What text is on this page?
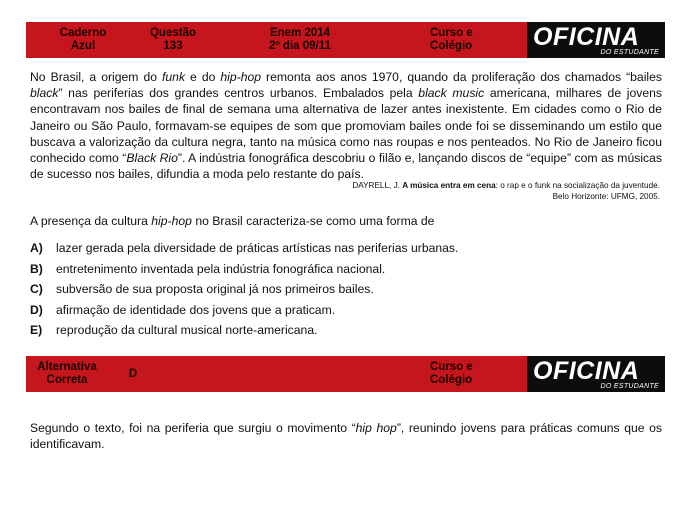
Caderno
Azul
Questão
133
Enem 2014
2º dia 09/11
Curso e
Colégio	OFICINA
DO ESTUDANTE

No Brasil, a origem do funk e do hip-hop remonta aos anos 1970, quando da proliferação dos chamados “bailes black” nas periferias dos grandes centros urbanos. Embalados pela black music americana, milhares de jovens encontravam nos bailes de final de semana uma alternativa de lazer antes inexistente. Em cidades como o Rio de Janeiro ou São Paulo, formavam-se equipes de som que promoviam bailes onde foi se disseminando um estilo que buscava a valorização da cultura negra, tanto na música como nas roupas e nos penteados. No Rio de Janeiro ficou conhecido como “Black Rio”. A indústria fonográfica descobriu o filão e, lançando discos de “equipe” com as músicas de sucesso nos bailes, difundia a moda pelo restante do país.

DAYRELL, J. A música entra em cena: o rap e o funk na socialização da juventude.
Belo Horizonte: UFMG, 2005.
A presença da cultura hip-hop no Brasil caracteriza-se como uma forma de
A)	lazer gerada pela diversidade de práticas artísticas nas periferias urbanas.
B)	entretenimento inventada pela indústria fonográfica nacional.
C)	subversão de sua proposta original já nos primeiros bailes.
D)	afirmação de identidade dos jovens que a praticam.
E)	reprodução da cultural musical norte-americana.
Alternativa
Correta	D
Curso e
Colégio	OFICINA
DO ESTUDANTE

Segundo o texto, foi na periferia que surgiu o movimento “hip hop”, reunindo jovens para práticas comuns que os identificavam.
